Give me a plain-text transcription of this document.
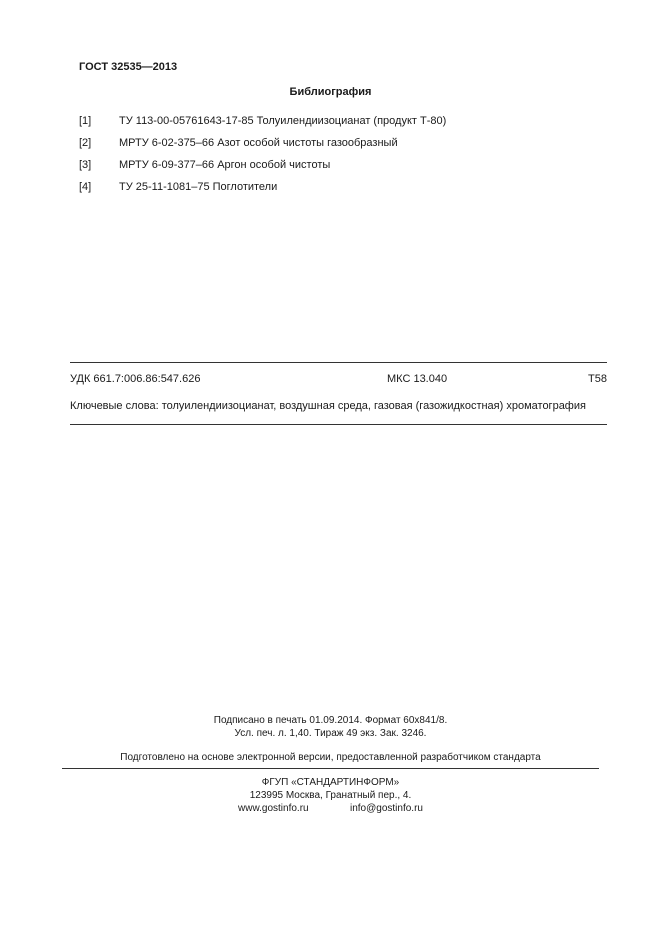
ГОСТ 32535—2013
Библиография
[1]	ТУ 113-00-05761643-17-85 Толуилендиизоцианат (продукт Т-80)
[2]	МРТУ 6-02-375–66 Азот особой чистоты газообразный
[3]	МРТУ 6-09-377–66 Аргон особой чистоты
[4]	ТУ 25-11-1081–75 Поглотители
УДК 661.7:006.86:547.626	МКС 13.040	Т58
Ключевые слова: толуилендиизоцианат, воздушная среда, газовая (газожидкостная) хроматография
Подписано в печать 01.09.2014. Формат 60x841/8.
Усл. печ. л. 1,40. Тираж 49 экз. Зак. 3246.
Подготовлено на основе электронной версии, предоставленной разработчиком стандарта
ФГУП «СТАНДАРТИНФОРМ»
123995 Москва, Гранатный пер., 4.
www.gostinfo.ru	info@gostinfo.ru
